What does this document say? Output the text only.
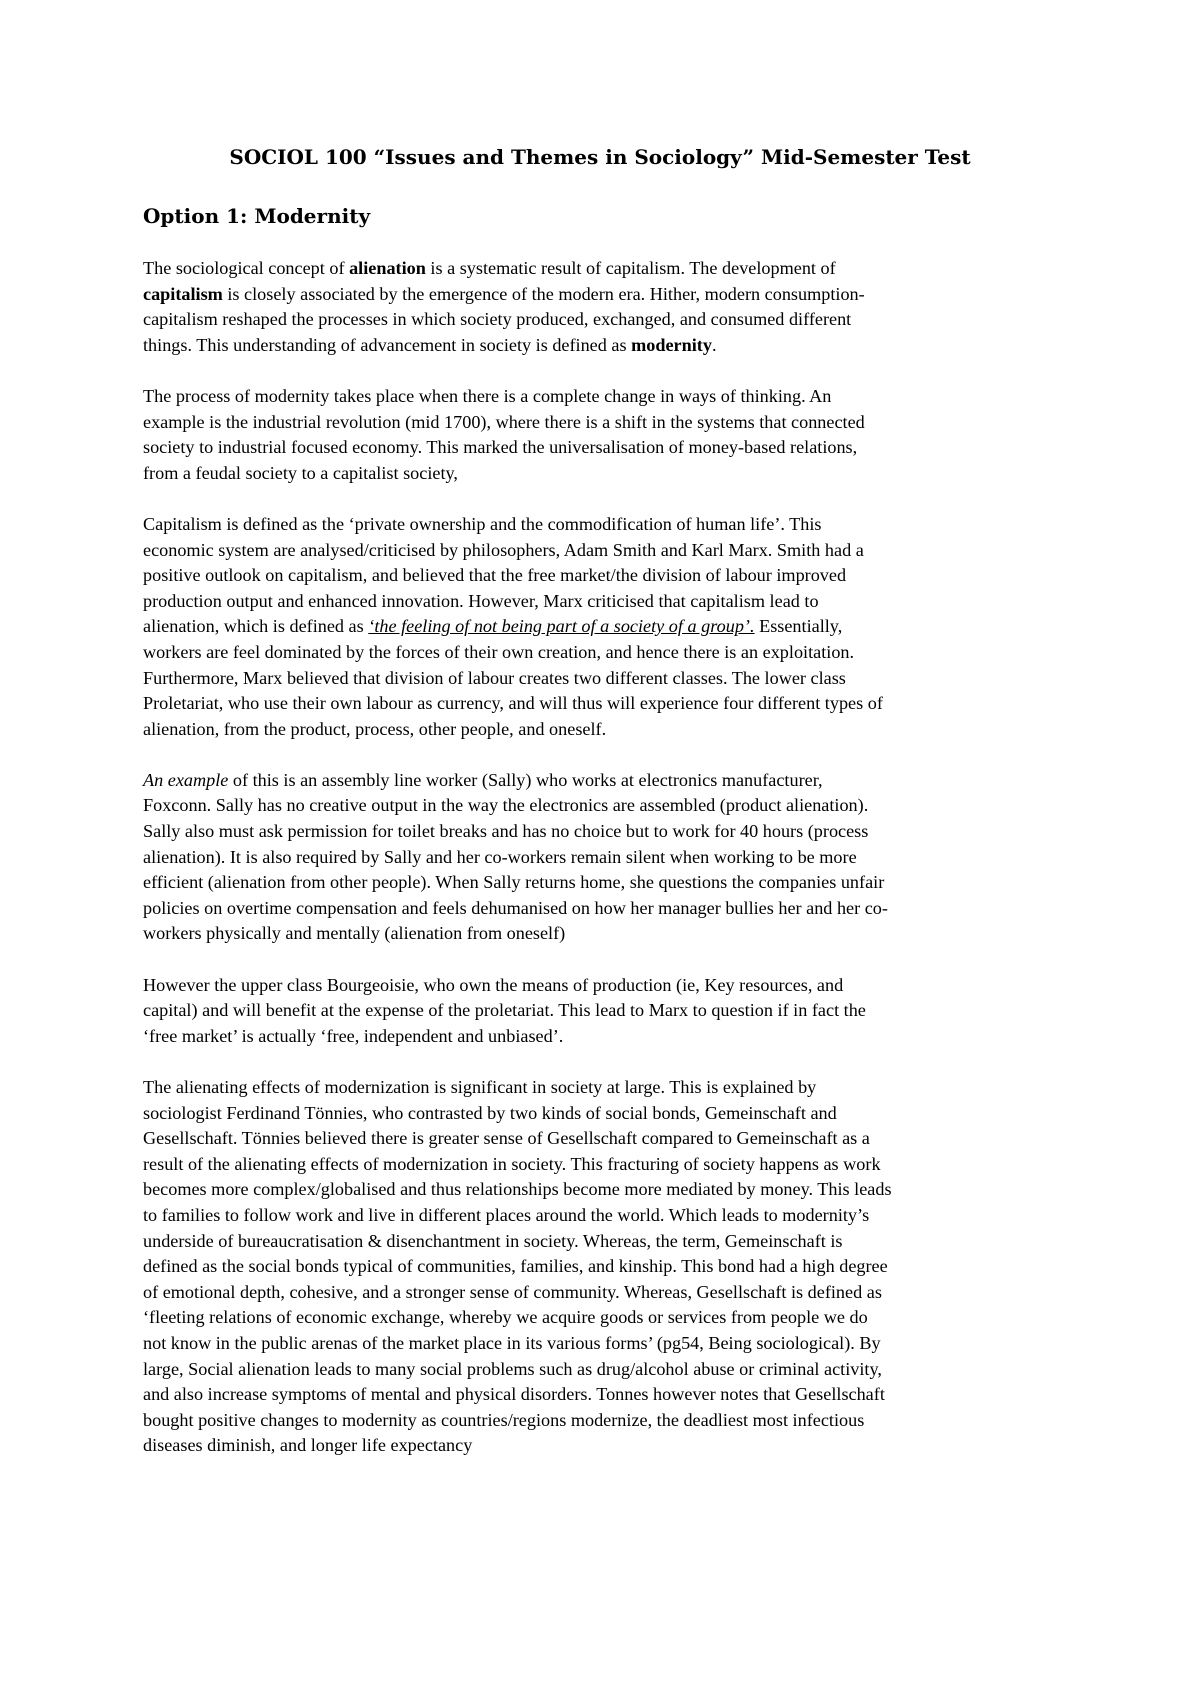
SOCIOL 100 “Issues and Themes in Sociology” Mid-Semester Test
Option 1: Modernity

The sociological concept of alienation is a systematic result of capitalism. The development of
capitalism is closely associated by the emergence of the modern era. Hither, modern consumption-
capitalism reshaped the processes in which society produced, exchanged, and consumed different
things. This understanding of advancement in society is defined as modernity.

The process of modernity takes place when there is a complete change in ways of thinking. An
example is the industrial revolution (mid 1700), where there is a shift in the systems that connected
society to industrial focused economy. This marked the universalisation of money-based relations,
from a feudal society to a capitalist society,

Capitalism is defined as the ‘private ownership and the commodification of human life’. This
economic system are analysed/criticised by philosophers, Adam Smith and Karl Marx. Smith had a
positive outlook on capitalism, and believed that the free market/the division of labour improved
production output and enhanced innovation. However, Marx criticised that capitalism lead to
alienation, which is defined as ‘the feeling of not being part of a society of a group’. Essentially,
workers are feel dominated by the forces of their own creation, and hence there is an exploitation.
Furthermore, Marx believed that division of labour creates two different classes. The lower class
Proletariat, who use their own labour as currency, and will thus will experience four different types of
alienation, from the product, process, other people, and oneself.

An example of this is an assembly line worker (Sally) who works at electronics manufacturer,
Foxconn. Sally has no creative output in the way the electronics are assembled (product alienation).
Sally also must ask permission for toilet breaks and has no choice but to work for 40 hours (process
alienation). It is also required by Sally and her co-workers remain silent when working to be more
efficient (alienation from other people). When Sally returns home, she questions the companies unfair
policies on overtime compensation and feels dehumanised on how her manager bullies her and her co-
workers physically and mentally (alienation from oneself)

However the upper class Bourgeoisie, who own the means of production (ie, Key resources, and
capital) and will benefit at the expense of the proletariat. This lead to Marx to question if in fact the
‘free market’ is actually ‘free, independent and unbiased’.

The alienating effects of modernization is significant in society at large. This is explained by
sociologist Ferdinand Tönnies, who contrasted by two kinds of social bonds, Gemeinschaft and
Gesellschaft. Tönnies believed there is greater sense of Gesellschaft compared to Gemeinschaft as a
result of the alienating effects of modernization in society. This fracturing of society happens as work
becomes more complex/globalised and thus relationships become more mediated by money. This leads
to families to follow work and live in different places around the world. Which leads to modernity’s
underside of bureaucratisation & disenchantment in society. Whereas, the term, Gemeinschaft is
defined as the social bonds typical of communities, families, and kinship. This bond had a high degree
of emotional depth, cohesive, and a stronger sense of community. Whereas, Gesellschaft is defined as
‘fleeting relations of economic exchange, whereby we acquire goods or services from people we do
not know in the public arenas of the market place in its various forms’ (pg54, Being sociological). By
large, Social alienation leads to many social problems such as drug/alcohol abuse or criminal activity,
and also increase symptoms of mental and physical disorders. Tonnes however notes that Gesellschaft
bought positive changes to modernity as countries/regions modernize, the deadliest most infectious
diseases diminish, and longer life expectancy
